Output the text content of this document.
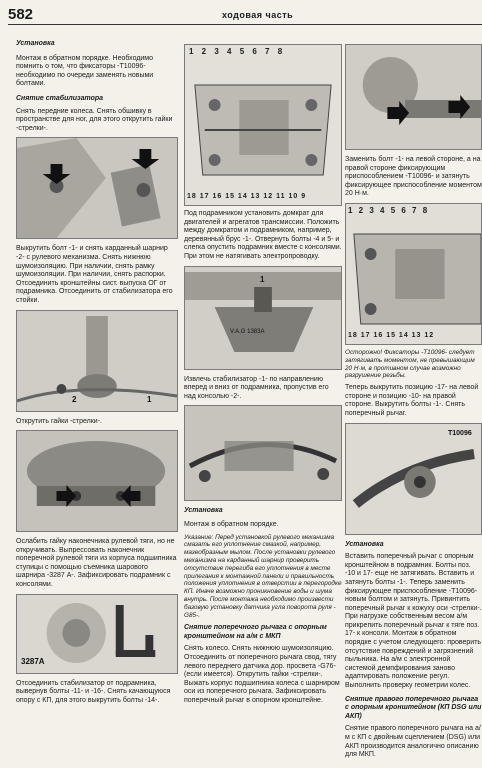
582	ходовая часть

Установка

Монтаж в обратном порядке. Необходимо помнить о том, что фиксаторы -T10096- необходимо по очереди заменять новыми болтами.

Снятие стабилизатора

Снять передние колеса. Снять обшивку в пространстве для ног, для этого открутить гайки -стрелки-.

Выкрутить болт -1- и снять карданный шарнир -2- с рулевого механизма. Снять нижнюю шумоизоляцию. При наличии, снять рамку шумоизоляции. При наличии, снять распорки. Отсоединить кронштейны сист. выпуска ОГ от подрамника. Отсоединить от стабилизатора его стойки.

2	1

Открутить гайки -стрелки-.

Ослабить гайку наконечника рулевой тяги, но не откручивать. Выпрессовать наконечник поперечной рулевой тяги из корпуса подшипника ступицы с помощью съемника шарового шарнира -3287 А-. Зафиксировать подрамник с консолями.

3287A

Отсоединить стабилизатор от подрамника, вывернув болты -11- и -16-. Снять качающуюся опору с КП, для этого выкрутить болты -14-.

1 2 3 4 5 6 7 8
18 17 16 15 14 13 12 11 10 9

Под подрамником установить домкрат для двигателей и агрегатов трансмиссии. Положить между домкратом и подрамником, например, деревянный брус -1-. Отвернуть болты -4 и 5- и слегка опустить подрамник вместе с консолями. При этом не натягивать электропроводку.

V.A.G 1383A
1

Извлечь стабилизатор -1- по направлению вперед и вниз от подрамника, пропустив его над консолью -2-.

Установка

Монтаж в обратном порядке.

Указание: Перед установкой рулевого механизма смазать его уплотнение смазкой, например, мазеобразным мылом. После установки рулевого механизма на карданный шарнир проверить отсутствие перегиба его уплотнения в месте прилегания к монтажной панели и правильность положения уплотнения в отверстии в перегородке КП. Иначе возможно проникновение воды и шума внутрь. После монтажа необходимо произвести базовую установку датчика угла поворота руля -G85-.

Снятие поперечного рычага с опорным кронштейном на а/м с МКП

Снять колесо. Снять нижнюю шумоизоляцию. Отсоединить от поперечного рычага свод, тягу левого переднего датчика дор. просвета -G76- (если имеется). Открутить гайки -стрелки-. Выжать корпус подшипника колеса с шарниром оси из поперечного рычага. Зафиксировать поперечный рычаг в опорном кронштейне.

Заменить болт -1- на левой стороне, а на правой стороне фиксирующим приспособлением -T10096- и затянуть фиксирующее приспособление моментом 20 Н·м.

1 2 3 4 5 6 7 8
18 17 16 15 14 13 12

Осторожно! Фиксаторы -T10096- следует затягивать моментом, не превышающим 20 Н·м, в противном случае возможно разрушение резьбы.

Теперь выкрутить позицию -17- на левой стороне и позицию -10- на правой стороне. Выкрутить болты -1-. Снять поперечный рычаг.

T10096

Установка

Вставить поперечный рычаг с опорным кронштейном в подрамник. Болты поз. -10 и 17- еще не затягивать. Вставить и затянуть болты -1-. Теперь заменить фиксирующее приспособление -T10096- новым болтом и затянуть. Привинтить поперечный рычаг к кожуху оси -стрелки-. При нагрузке собственным весом а/м прикрепить поперечный рычаг к тяге поз. 17- к консоли. Монтаж в обратном порядке с учетом следующего: проверить отсутствие повреждений и загрязнений пыльника. На а/м с электронной системой демпфирования заново адаптировать положение регул. Выполнить проверку геометрии колес.

Снятие правого поперечного рычага с опорным кронштейном (КП DSG или АКП)

Снятие правого поперечного рычага на а/м с КП с двойным сцеплением (DSG) или АКП производится аналогично описанию для МКП.
